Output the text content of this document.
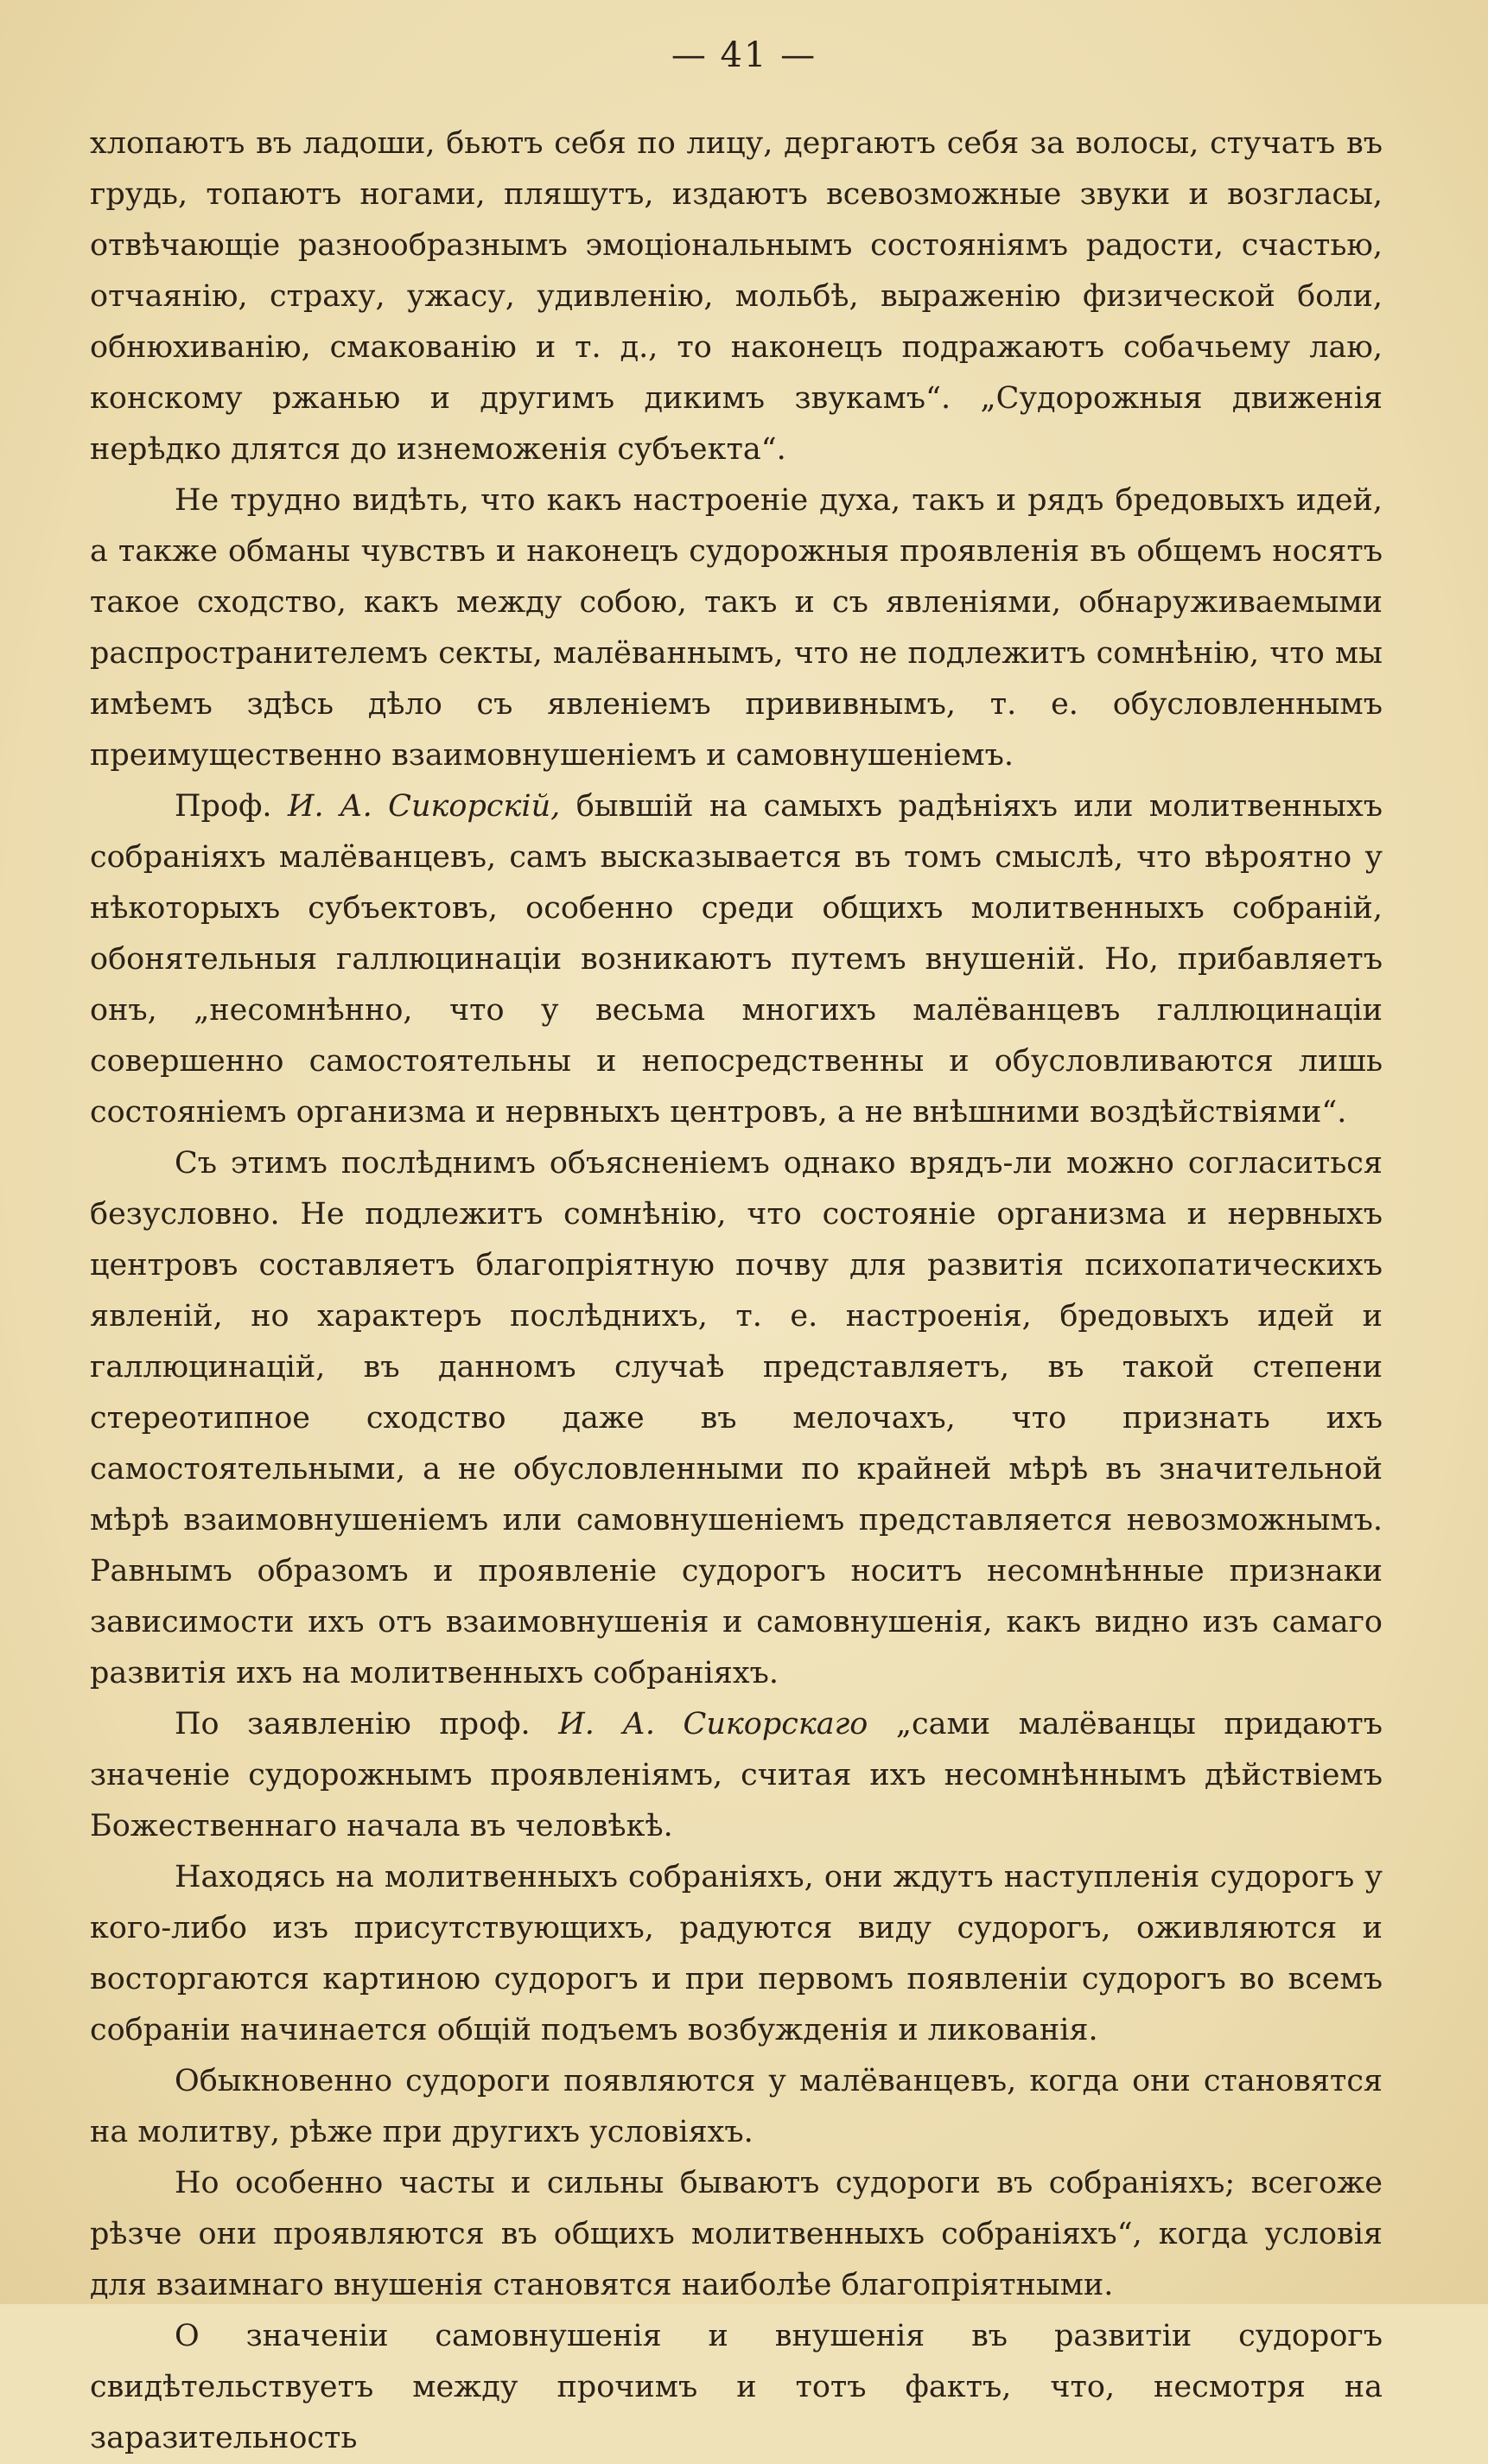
— 41 —

хлопаютъ въ ладоши, бьютъ себя по лицу, дергаютъ себя за волосы, стучатъ въ грудь, топаютъ ногами, пляшутъ, издаютъ всевозможные звуки и возгласы, отвѣчающіе разнообразнымъ эмоціональнымъ состояніямъ радости, счастью, отчаянію, страху, ужасу, удивленію, мольбѣ, выраженію физической боли, обнюхиванію, смакованію и т. д., то наконецъ подражаютъ собачьему лаю, конскому ржанью и другимъ дикимъ звукамъ“. „Судорожныя движенія нерѣдко длятся до изнеможенія субъекта“.

Не трудно видѣть, что какъ настроеніе духа, такъ и рядъ бредовыхъ идей, а также обманы чувствъ и наконецъ судорожныя проявленія въ общемъ носятъ такое сходство, какъ между собою, такъ и съ явленіями, обнаруживаемыми распространителемъ секты, малёваннымъ, что не подлежитъ сомнѣнію, что мы имѣемъ здѣсь дѣло съ явленіемъ прививнымъ, т. е. обусловленнымъ преимущественно взаимовнушеніемъ и самовнушеніемъ.

Проф. И. А. Сикорскій, бывшій на самыхъ радѣніяхъ или молитвенныхъ собраніяхъ малёванцевъ, самъ высказывается въ томъ смыслѣ, что вѣроятно у нѣкоторыхъ субъектовъ, особенно среди общихъ молитвенныхъ собраній, обонятельныя галлюцинаціи возникаютъ путемъ внушеній. Но, прибавляетъ онъ, „несомнѣнно, что у весьма многихъ малёванцевъ галлюцинаціи совершенно самостоятельны и непосредственны и обусловливаются лишь состояніемъ организма и нервныхъ центровъ, а не внѣшними воздѣйствіями“.

Съ этимъ послѣднимъ объясненіемъ однако врядъ-ли можно согласиться безусловно. Не подлежитъ сомнѣнію, что состояніе организма и нервныхъ центровъ составляетъ благопріятную почву для развитія психопатическихъ явленій, но характеръ послѣднихъ, т. е. настроенія, бредовыхъ идей и галлюцинацій, въ данномъ случаѣ представляетъ, въ такой степени стереотипное сходство даже въ мелочахъ, что признать ихъ самостоятельными, а не обусловленными по крайней мѣрѣ въ значительной мѣрѣ взаимовнушеніемъ или самовнушеніемъ представляется невозможнымъ. Равнымъ образомъ и проявленіе судорогъ носитъ несомнѣнные признаки зависимости ихъ отъ взаимовнушенія и самовнушенія, какъ видно изъ самаго развитія ихъ на молитвенныхъ собраніяхъ.

По заявленію проф. И. А. Сикорскаго „сами малёванцы придаютъ значеніе судорожнымъ проявленіямъ, считая ихъ несомнѣннымъ дѣйствіемъ Божественнаго начала въ человѣкѣ.

Находясь на молитвенныхъ собраніяхъ, они ждутъ наступленія судорогъ у кого-либо изъ присутствующихъ, радуются виду судорогъ, оживляются и восторгаются картиною судорогъ и при первомъ появленіи судорогъ во всемъ собраніи начинается общій подъемъ возбужденія и ликованія.

Обыкновенно судороги появляются у малёванцевъ, когда они становятся на молитву, рѣже при другихъ условіяхъ.

Но особенно часты и сильны бываютъ судороги въ собраніяхъ; всегоже рѣзче они проявляются въ общихъ молитвенныхъ собраніяхъ“, когда условія для взаимнаго внушенія становятся наиболѣе благопріятными.

О значеніи самовнушенія и внушенія въ развитіи судорогъ свидѣтельствуетъ между прочимъ и тотъ фактъ, что, несмотря на заразительность
